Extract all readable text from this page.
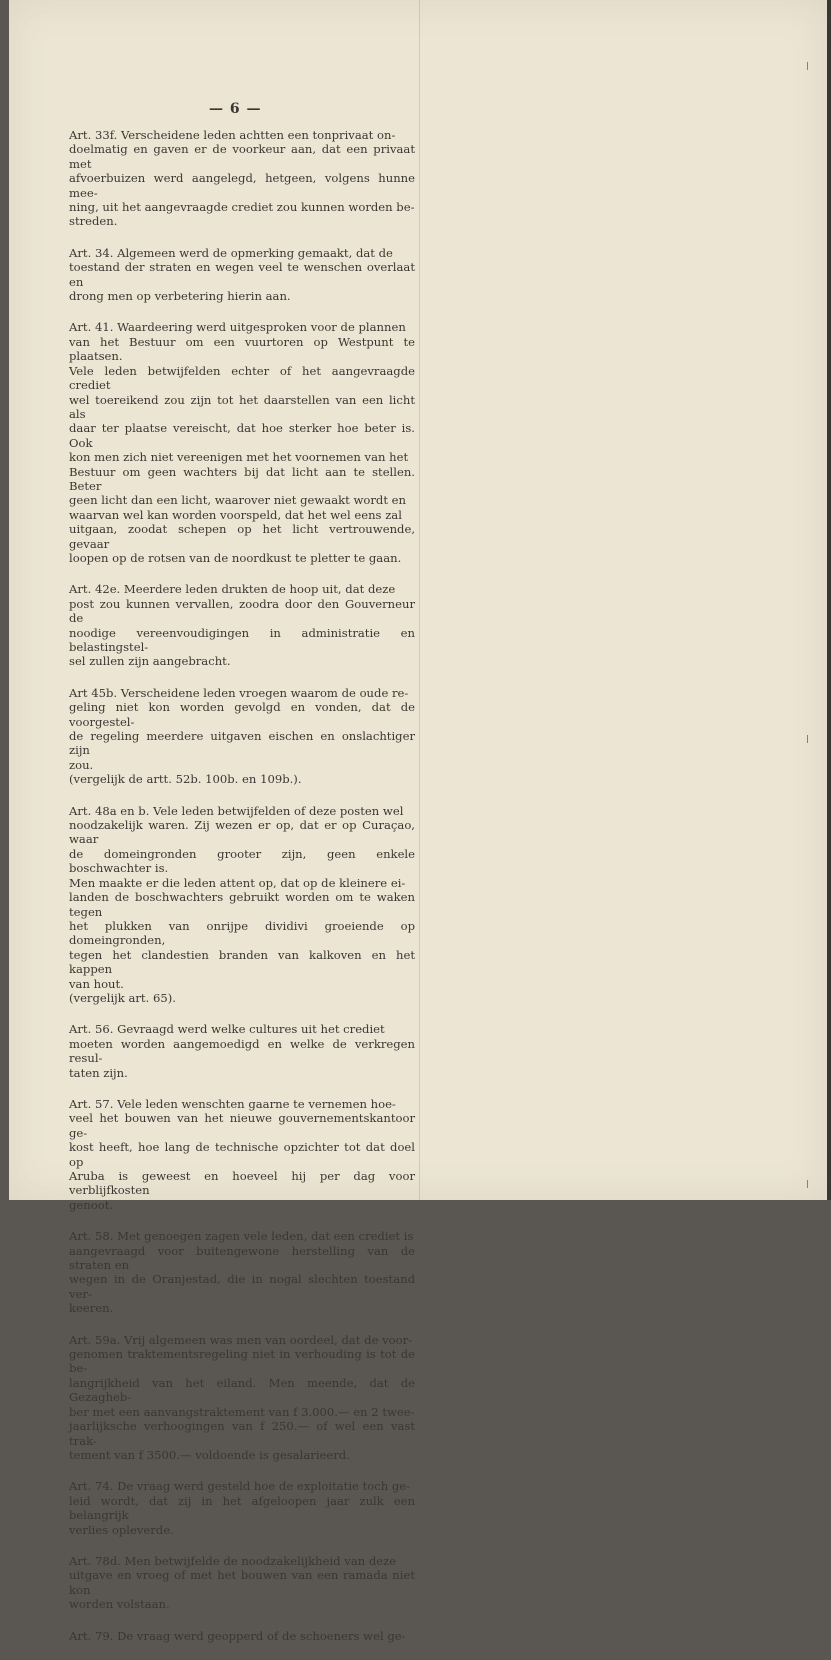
— 6 —
Art. 33f. Verscheidene leden achtten een tonprivaat on-
doelmatig en gaven er de voorkeur aan, dat een privaat met
afvoerbuizen werd aangelegd, hetgeen, volgens hunne mee-
ning, uit het aangevraagde crediet zou kunnen worden be-
streden.
Art. 34. Algemeen werd de opmerking gemaakt, dat de
toestand der straten en wegen veel te wenschen overlaat en
drong men op verbetering hierin aan.
Art. 41. Waardeering werd uitgesproken voor de plannen
van het Bestuur om een vuurtoren op Westpunt te plaatsen.
Vele leden betwijfelden echter of het aangevraagde crediet
wel toereikend zou zijn tot het daarstellen van een licht als
daar ter plaatse vereischt, dat hoe sterker hoe beter is. Ook
kon men zich niet vereenigen met het voornemen van het
Bestuur om geen wachters bij dat licht aan te stellen. Beter
geen licht dan een licht, waarover niet gewaakt wordt en
waarvan wel kan worden voorspeld, dat het wel eens zal
uitgaan, zoodat schepen op het licht vertrouwende, gevaar
loopen op de rotsen van de noordkust te pletter te gaan.
Art. 42e. Meerdere leden drukten de hoop uit, dat deze
post zou kunnen vervallen, zoodra door den Gouverneur de
noodige vereenvoudigingen in administratie en belastingstel-
sel zullen zijn aangebracht.
Art 45b. Verscheidene leden vroegen waarom de oude re-
geling niet kon worden gevolgd en vonden, dat de voorgestel-
de regeling meerdere uitgaven eischen en onslachtiger zijn
zou.
(vergelijk de artt. 52b. 100b. en 109b.).
Art. 48a en b. Vele leden betwijfelden of deze posten wel
noodzakelijk waren. Zij wezen er op, dat er op Curaçao, waar
de domeingronden grooter zijn, geen enkele boschwachter is.
Men maakte er die leden attent op, dat op de kleinere ei-
landen de boschwachters gebruikt worden om te waken tegen
het plukken van onrijpe dividivi groeiende op domeingronden,
tegen het clandestien branden van kalkoven en het kappen
van hout.
(vergelijk art. 65).
Art. 56. Gevraagd werd welke cultures uit het crediet
moeten worden aangemoedigd en welke de verkregen resul-
taten zijn.
Art. 57. Vele leden wenschten gaarne te vernemen hoe-
veel het bouwen van het nieuwe gouvernementskantoor ge-
kost heeft, hoe lang de technische opzichter tot dat doel op
Aruba is geweest en hoeveel hij per dag voor verblijfkosten
genoot.
Art. 58. Met genoegen zagen vele leden, dat een crediet is
aangevraagd voor buitengewone herstelling van de straten en
wegen in de Oranjestad, die in nogal slechten toestand ver-
keeren.
Art. 59a. Vrij algemeen was men van oordeel, dat de voor-
genomen traktementsregeling niet in verhouding is tot de be-
langrijkheid van het eiland. Men meende, dat de Gezagheb-
ber met een aanvangstraktement van f 3.000.— en 2 twee-
jaarlijksche verhoogingen van f 250.— of wel een vast trak-
tement van f 3500.— voldoende is gesalarieerd.
Art. 74. De vraag werd gesteld hoe de exploitatie toch ge-
leid wordt, dat zij in het afgeloopen jaar zulk een belangrijk
verlies opleverde.
Art. 78d. Men betwijfelde de noodzakelijkheid van deze
uitgave en vroeg of met het bouwen van een ramada niet kon
worden volstaan.
Art. 79. De vraag werd geopperd of de schoeners wel ge-
